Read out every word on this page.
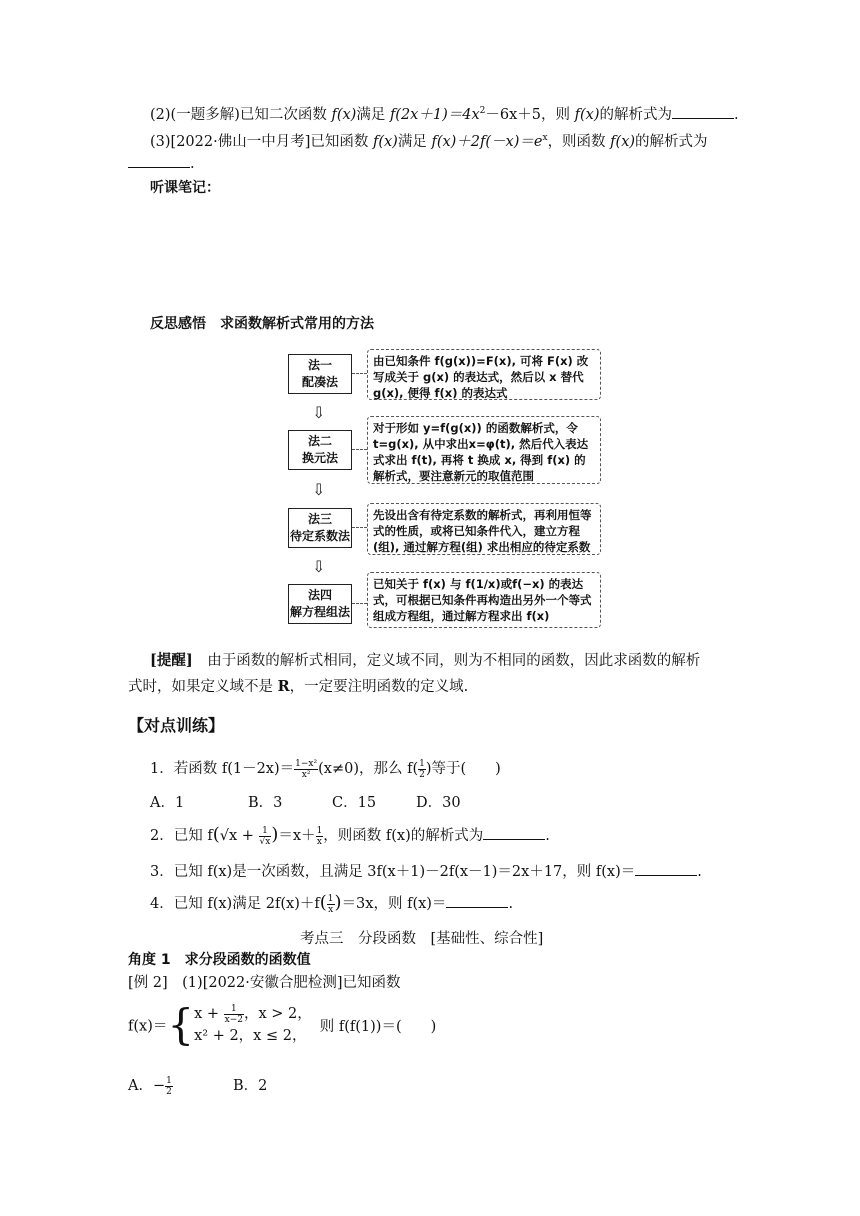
(2)(一题多解)已知二次函数 f(x)满足 $f(2x+1)=4x^2-6x+5$，则 f(x)的解析式为	.
(3)[2022·佛山一中月考]已知函数 f(x)满足 $f(x)+2f(-x)=e^x$，则函数 f(x)的解析式为
.
听课笔记：
反思感悟　求函数解析式常用的方法
法一
配凑法
由已知条件 f(g(x))=F(x), 可将 F(x) 改写成关于 g(x) 的表达式，然后以 x 替代 g(x), 便得 f(x) 的表达式
⇩
法二
换元法
对于形如 y=f(g(x)) 的函数解析式，令 t=g(x), 从中求出x=φ(t), 然后代入表达式求出 f(t), 再将 t 换成 x, 得到 f(x) 的解析式，要注意新元的取值范围
⇩
法三
待定系数法
先设出含有待定系数的解析式，再利用恒等式的性质，或将已知条件代入，建立方程(组), 通过解方程(组) 求出相应的待定系数
⇩
法四
解方程组法
已知关于 f(x) 与 f(1/x)或f(−x) 的表达式，可根据已知条件再构造出另外一个等式组成方程组，通过解方程求出 f(x)
[提醒]　由于函数的解析式相同，定义域不同，则为不相同的函数，因此求函数的解析
式时，如果定义域不是 R，一定要注明函数的定义域.
【对点训练】
1．若函数 $f(1-2x)= \frac{\text{1−x²}}{\text{x²}} (x\ne 0)$，那么 $f( \frac{1}{2}$ )等于(　　)
A．1	B．3	C．15	D．30
2．已知 $f(√x + \frac{1}{√x} )=x+ \frac{1}{x}$ ，则函数 f(x)的解析式为	.
3．已知 f(x)是一次函数，且满足 3f(x＋1)－2f(x－1)＝2x＋17，则 f(x)＝	.
4．已知 f(x)满足 $2f(x)+f( \frac{1}{x} )=3x$，则 f(x)＝	.
考点三　分段函数　[基础性、综合性]
角度 1　求分段函数的函数值
[例 2]　(1)[2022·安徽合肥检测]已知函数
$f(x)=\{x + \frac{1}{x-2}$ ，x > 2，
x² + 2，x ≤ 2，则 f(f(1))＝(　　)
A．− $\frac{1}{2}$	B．2
